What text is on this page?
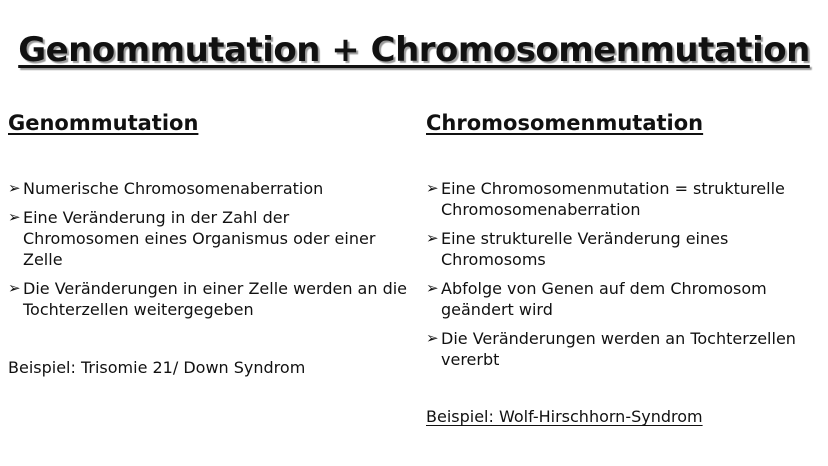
Genommutation + Chromosomenmutation
Genommutation
➢ Numerische Chromosomenaberration
➢ Eine Veränderung in der Zahl der Chromosomen eines Organismus oder einer Zelle
➢ Die Veränderungen in einer Zelle werden an die Tochterzellen weitergegeben
Beispiel: Trisomie 21/ Down Syndrom
Chromosomenmutation
➢ Eine Chromosomenmutation = strukturelle Chromosomenaberration
➢ Eine strukturelle Veränderung eines Chromosoms
➢ Abfolge von Genen auf dem Chromosom geändert wird
➢ Die Veränderungen werden an Tochterzellen vererbt
Beispiel: Wolf-Hirschhorn-Syndrom
